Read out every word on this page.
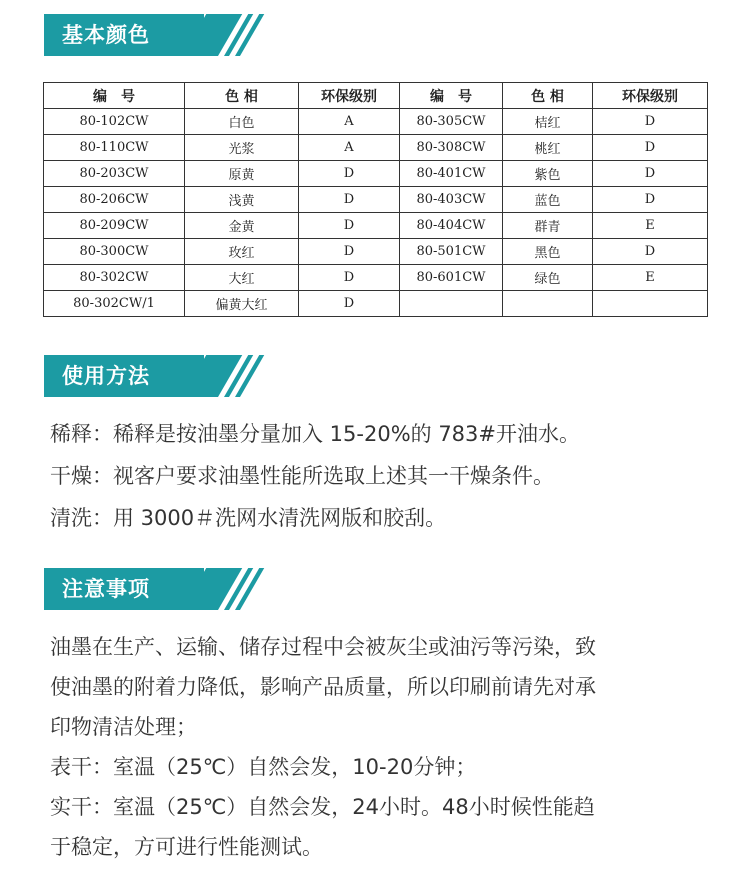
基本颜色
编　号	色 相	环保级别	编　号	色 相	环保级别
80-102CW	白色	A	80-305CW	桔红	D
80-110CW	光浆	A	80-308CW	桃红	D
80-203CW	原黄	D	80-401CW	紫色	D
80-206CW	浅黄	D	80-403CW	蓝色	D
80-209CW	金黄	D	80-404CW	群青	E
80-300CW	玫红	D	80-501CW	黑色	D
80-302CW	大红	D	80-601CW	绿色	E
80-302CW/1	偏黄大红	D			
使用方法
稀释：稀释是按油墨分量加入 15-20%的 783#开油水。
干燥：视客户要求油墨性能所选取上述其一干燥条件。
清洗：用 3000＃洗网水清洗网版和胶刮。
注意事项
油墨在生产、运输、储存过程中会被灰尘或油污等污染，致
使油墨的附着力降低，影响产品质量，所以印刷前请先对承
印物清洁处理；
表干：室温（25℃）自然会发，10-20分钟；
实干：室温（25℃）自然会发，24小时。48小时候性能趋
于稳定，方可进行性能测试。
